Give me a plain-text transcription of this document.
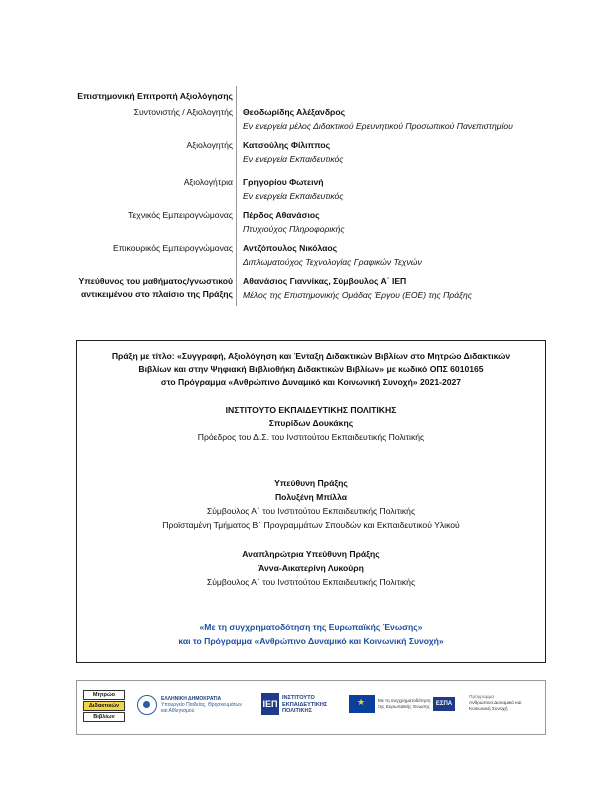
Επιστημονική Επιτροπή Αξιολόγησης
Συντονιστής / Αξιολογητής Θεοδωρίδης Αλέξανδρος
Εν ενεργεία μέλος Διδακτικού Ερευνητικού Προσωπικού Πανεπιστημίου
Αξιολογητής Κατσούλης Φίλιππος
Εν ενεργεία Εκπαιδευτικός
Αξιολογήτρια Γρηγορίου Φωτεινή
Εν ενεργεία Εκπαιδευτικός
Τεχνικός Εμπειρογνώμονας Πέρδος Αθανάσιος
Πτυχιούχος Πληροφορικής
Επικουρικός Εμπειρογνώμονας Αντζόπουλος Νικόλαος
Διπλωματούχος Τεχνολογίας Γραφικών Τεχνών
Υπεύθυνος του μαθήματος/γνωστικού
αντικειμένου στο πλαίσιο της Πράξης
Αθανάσιος Γιαννίκας, Σύμβουλος Α΄ ΙΕΠ
Μέλος της Επιστημονικής Ομάδας Έργου (ΕΟΕ) της Πράξης
Πράξη με τίτλο: «Συγγραφή, Αξιολόγηση και Ένταξη Διδακτικών Βιβλίων στο Μητρώο Διδακτικών
Βιβλίων και στην Ψηφιακή Βιβλιοθήκη Διδακτικών Βιβλίων» με κωδικό ΟΠΣ 6010165
στο Πρόγραμμα «Ανθρώπινο Δυναμικό και Κοινωνική Συνοχή» 2021-2027
ΙΝΣΤΙΤΟΥΤΟ ΕΚΠΑΙΔΕΥΤΙΚΗΣ ΠΟΛΙΤΙΚΗΣ
Σπυρίδων Δουκάκης
Πρόεδρος του Δ.Σ. του Ινστιτούτου Εκπαιδευτικής Πολιτικής
Υπεύθυνη Πράξης
Πολυξένη Μπίλλα
Σύμβουλος Α΄ του Ινστιτούτου Εκπαιδευτικής Πολιτικής
Προϊσταμένη Τμήματος Β΄ Προγραμμάτων Σπουδών και Εκπαιδευτικού Υλικού
Αναπληρώτρια Υπεύθυνη Πράξης
Άννα-Αικατερίνη Λυκούρη
Σύμβουλος Α΄ του Ινστιτούτου Εκπαιδευτικής Πολιτικής
«Με τη συγχρηματοδότηση της Ευρωπαϊκής Ένωσης»
και το Πρόγραμμα «Ανθρώπινο Δυναμικό και Κοινωνική Συνοχή»
Μητρώο
Διδακτικών
Βιβλίων
ΕΛΛΗΝΙΚΗ ΔΗΜΟΚΡΑΤΙΑ
Υπουργείο Παιδείας, Θρησκευμάτων
και Αθλητισμού
ΙΕΠ
ΙΝΣΤΙΤΟΥΤΟ
ΕΚΠΑΙΔΕΥΤΙΚΗΣ
ΠΟΛΙΤΙΚΗΣ
★
Με τη συγχρηματοδότηση
της Ευρωπαϊκής Ένωσης	ΕΣΠΑ
Πρόγραμμα
Ανθρώπινο Δυναμικό και
Κοινωνική Συνοχή
